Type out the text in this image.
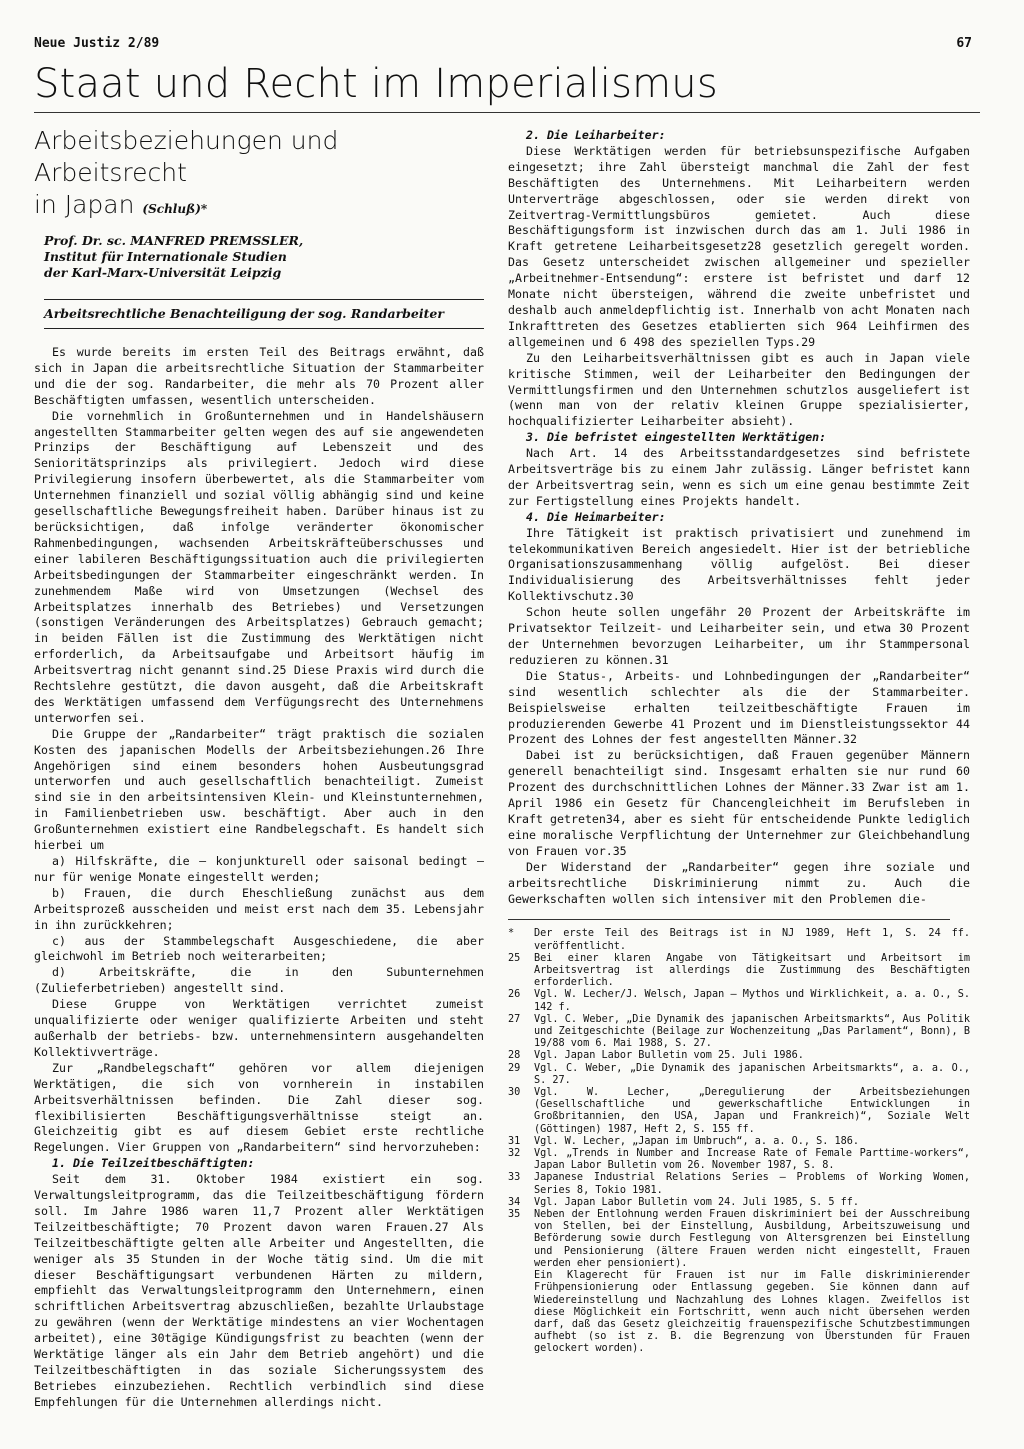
Neue Justiz 2/89	67
Staat und Recht im Imperialismus
Arbeitsbeziehungen und Arbeitsrecht
in Japan (Schluß)*
Prof. Dr. sc. MANFRED PREMSSLER,
Institut für Internationale Studien
der Karl-Marx-Universität Leipzig
Arbeitsrechtliche Benachteiligung der sog. Randarbeiter

Es wurde bereits im ersten Teil des Beitrags erwähnt, daß sich in Japan die arbeitsrechtliche Situation der Stammarbeiter und die der sog. Randarbeiter, die mehr als 70 Prozent aller Beschäftigten umfassen, wesentlich unterscheiden.

Die vornehmlich in Großunternehmen und in Handelshäusern angestellten Stammarbeiter gelten wegen des auf sie angewendeten Prinzips der Beschäftigung auf Lebenszeit und des Senioritätsprinzips als privilegiert. Jedoch wird diese Privilegierung insofern überbewertet, als die Stammarbeiter vom Unternehmen finanziell und sozial völlig abhängig sind und keine gesellschaftliche Bewegungsfreiheit haben. Darüber hinaus ist zu berücksichtigen, daß infolge veränderter ökonomischer Rahmenbedingungen, wachsenden Arbeitskräfteüberschusses und einer labileren Beschäftigungssituation auch die privilegierten Arbeitsbedingungen der Stammarbeiter eingeschränkt werden. In zunehmendem Maße wird von Umsetzungen (Wechsel des Arbeitsplatzes innerhalb des Betriebes) und Versetzungen (sonstigen Veränderungen des Arbeitsplatzes) Gebrauch gemacht; in beiden Fällen ist die Zustimmung des Werktätigen nicht erforderlich, da Arbeitsaufgabe und Arbeitsort häufig im Arbeitsvertrag nicht genannt sind.25 Diese Praxis wird durch die Rechtslehre gestützt, die davon ausgeht, daß die Arbeitskraft des Werktätigen umfassend dem Verfügungsrecht des Unternehmens unterworfen sei.

Die Gruppe der „Randarbeiter“ trägt praktisch die sozialen Kosten des japanischen Modells der Arbeitsbeziehungen.26 Ihre Angehörigen sind einem besonders hohen Ausbeutungsgrad unterworfen und auch gesellschaftlich benachteiligt. Zumeist sind sie in den arbeitsintensiven Klein- und Kleinstunternehmen, in Familienbetrieben usw. beschäftigt. Aber auch in den Großunternehmen existiert eine Randbelegschaft. Es handelt sich hierbei um

a) Hilfskräfte, die — konjunkturell oder saisonal bedingt — nur für wenige Monate eingestellt werden;

b) Frauen, die durch Eheschließung zunächst aus dem Arbeitsprozeß ausscheiden und meist erst nach dem 35. Lebensjahr in ihn zurückkehren;

c) aus der Stammbelegschaft Ausgeschiedene, die aber gleichwohl im Betrieb noch weiterarbeiten;

d) Arbeitskräfte, die in den Subunternehmen (Zulieferbetrieben) angestellt sind.

Diese Gruppe von Werktätigen verrichtet zumeist unqualifizierte oder weniger qualifizierte Arbeiten und steht außerhalb der betriebs- bzw. unternehmensintern ausgehandelten Kollektivverträge.

Zur „Randbelegschaft“ gehören vor allem diejenigen Werktätigen, die sich von vornherein in instabilen Arbeitsverhältnissen befinden. Die Zahl dieser sog. flexibilisierten Beschäftigungsverhältnisse steigt an. Gleichzeitig gibt es auf diesem Gebiet erste rechtliche Regelungen. Vier Gruppen von „Randarbeitern“ sind hervorzuheben:

1. Die Teilzeitbeschäftigten:

Seit dem 31. Oktober 1984 existiert ein sog. Verwaltungsleitprogramm, das die Teilzeitbeschäftigung fördern soll. Im Jahre 1986 waren 11,7 Prozent aller Werktätigen Teilzeitbeschäftigte; 70 Prozent davon waren Frauen.27 Als Teilzeitbeschäftigte gelten alle Arbeiter und Angestellten, die weniger als 35 Stunden in der Woche tätig sind. Um die mit dieser Beschäftigungsart verbundenen Härten zu mildern, empfiehlt das Verwaltungsleitprogramm den Unternehmern, einen schriftlichen Arbeitsvertrag abzuschließen, bezahlte Urlaubstage zu gewähren (wenn der Werktätige mindestens an vier Wochentagen arbeitet), eine 30tägige Kündigungsfrist zu beachten (wenn der Werktätige länger als ein Jahr dem Betrieb angehört) und die Teilzeitbeschäftigten in das soziale Sicherungssystem des Betriebes einzubeziehen. Rechtlich verbindlich sind diese Empfehlungen für die Unternehmen allerdings nicht.

2. Die Leiharbeiter:

Diese Werktätigen werden für betriebsunspezifische Aufgaben eingesetzt; ihre Zahl übersteigt manchmal die Zahl der fest Beschäftigten des Unternehmens. Mit Leiharbeitern werden Unterverträge abgeschlossen, oder sie werden direkt von Zeitvertrag-Vermittlungsbüros gemietet. Auch diese Beschäftigungsform ist inzwischen durch das am 1. Juli 1986 in Kraft getretene Leiharbeitsgesetz28 gesetzlich geregelt worden. Das Gesetz unterscheidet zwischen allgemeiner und spezieller „Arbeitnehmer-Entsendung“: erstere ist befristet und darf 12 Monate nicht übersteigen, während die zweite unbefristet und deshalb auch anmeldepflichtig ist. Innerhalb von acht Monaten nach Inkrafttreten des Gesetzes etablierten sich 964 Leihfirmen des allgemeinen und 6 498 des speziellen Typs.29

Zu den Leiharbeitsverhältnissen gibt es auch in Japan viele kritische Stimmen, weil der Leiharbeiter den Bedingungen der Vermittlungsfirmen und den Unternehmen schutzlos ausgeliefert ist (wenn man von der relativ kleinen Gruppe spezialisierter, hochqualifizierter Leiharbeiter absieht).

3. Die befristet eingestellten Werktätigen:

Nach Art. 14 des Arbeitsstandardgesetzes sind befristete Arbeitsverträge bis zu einem Jahr zulässig. Länger befristet kann der Arbeitsvertrag sein, wenn es sich um eine genau bestimmte Zeit zur Fertigstellung eines Projekts handelt.

4. Die Heimarbeiter:

Ihre Tätigkeit ist praktisch privatisiert und zunehmend im telekommunikativen Bereich angesiedelt. Hier ist der betriebliche Organisationszusammenhang völlig aufgelöst. Bei dieser Individualisierung des Arbeitsverhältnisses fehlt jeder Kollektivschutz.30

Schon heute sollen ungefähr 20 Prozent der Arbeitskräfte im Privatsektor Teilzeit- und Leiharbeiter sein, und etwa 30 Prozent der Unternehmen bevorzugen Leiharbeiter, um ihr Stammpersonal reduzieren zu können.31

Die Status-, Arbeits- und Lohnbedingungen der „Randarbeiter“ sind wesentlich schlechter als die der Stammarbeiter. Beispielsweise erhalten teilzeitbeschäftigte Frauen im produzierenden Gewerbe 41 Prozent und im Dienstleistungssektor 44 Prozent des Lohnes der fest angestellten Männer.32

Dabei ist zu berücksichtigen, daß Frauen gegenüber Männern generell benachteiligt sind. Insgesamt erhalten sie nur rund 60 Prozent des durchschnittlichen Lohnes der Männer.33 Zwar ist am 1. April 1986 ein Gesetz für Chancengleichheit im Berufsleben in Kraft getreten34, aber es sieht für entscheidende Punkte lediglich eine moralische Verpflichtung der Unternehmer zur Gleichbehandlung von Frauen vor.35

Der Widerstand der „Randarbeiter“ gegen ihre soziale und arbeitsrechtliche Diskriminierung nimmt zu. Auch die Gewerkschaften wollen sich intensiver mit den Problemen die-

*	Der erste Teil des Beitrags ist in NJ 1989, Heft 1, S. 24 ff. veröffentlicht.
25	Bei einer klaren Angabe von Tätigkeitsart und Arbeitsort im Arbeitsvertrag ist allerdings die Zustimmung des Beschäftigten erforderlich.
26	Vgl. W. Lecher/J. Welsch, Japan — Mythos und Wirklichkeit, a. a. O., S. 142 f.
27	Vgl. C. Weber, „Die Dynamik des japanischen Arbeitsmarkts“, Aus Politik und Zeitgeschichte (Beilage zur Wochenzeitung „Das Parlament“, Bonn), B 19/88 vom 6. Mai 1988, S. 27.
28	Vgl. Japan Labor Bulletin vom 25. Juli 1986.
29	Vgl. C. Weber, „Die Dynamik des japanischen Arbeitsmarkts“, a. a. O., S. 27.
30	Vgl. W. Lecher, „Deregulierung der Arbeitsbeziehungen (Gesellschaftliche und gewerkschaftliche Entwicklungen in Großbritannien, den USA, Japan und Frankreich)“, Soziale Welt (Göttingen) 1987, Heft 2, S. 155 ff.
31	Vgl. W. Lecher, „Japan im Umbruch“, a. a. O., S. 186.
32	Vgl. „Trends in Number and Increase Rate of Female Parttime-workers“, Japan Labor Bulletin vom 26. November 1987, S. 8.
33	Japanese Industrial Relations Series — Problems of Working Women, Series 8, Tokio 1981.
34	Vgl. Japan Labor Bulletin vom 24. Juli 1985, S. 5 ff.
35	Neben der Entlohnung werden Frauen diskriminiert bei der Ausschreibung von Stellen, bei der Einstellung, Ausbildung, Arbeitszuweisung und Beförderung sowie durch Festlegung von Altersgrenzen bei Einstellung und Pensionierung (ältere Frauen werden nicht eingestellt, Frauen werden eher pensioniert).
Ein Klagerecht für Frauen ist nur im Falle diskriminierender Frühpensionierung oder Entlassung gegeben. Sie können dann auf Wiedereinstellung und Nachzahlung des Lohnes klagen. Zweifellos ist diese Möglichkeit ein Fortschritt, wenn auch nicht übersehen werden darf, daß das Gesetz gleichzeitig frauenspezifische Schutzbestimmungen aufhebt (so ist z. B. die Begrenzung von Überstunden für Frauen gelockert worden).
